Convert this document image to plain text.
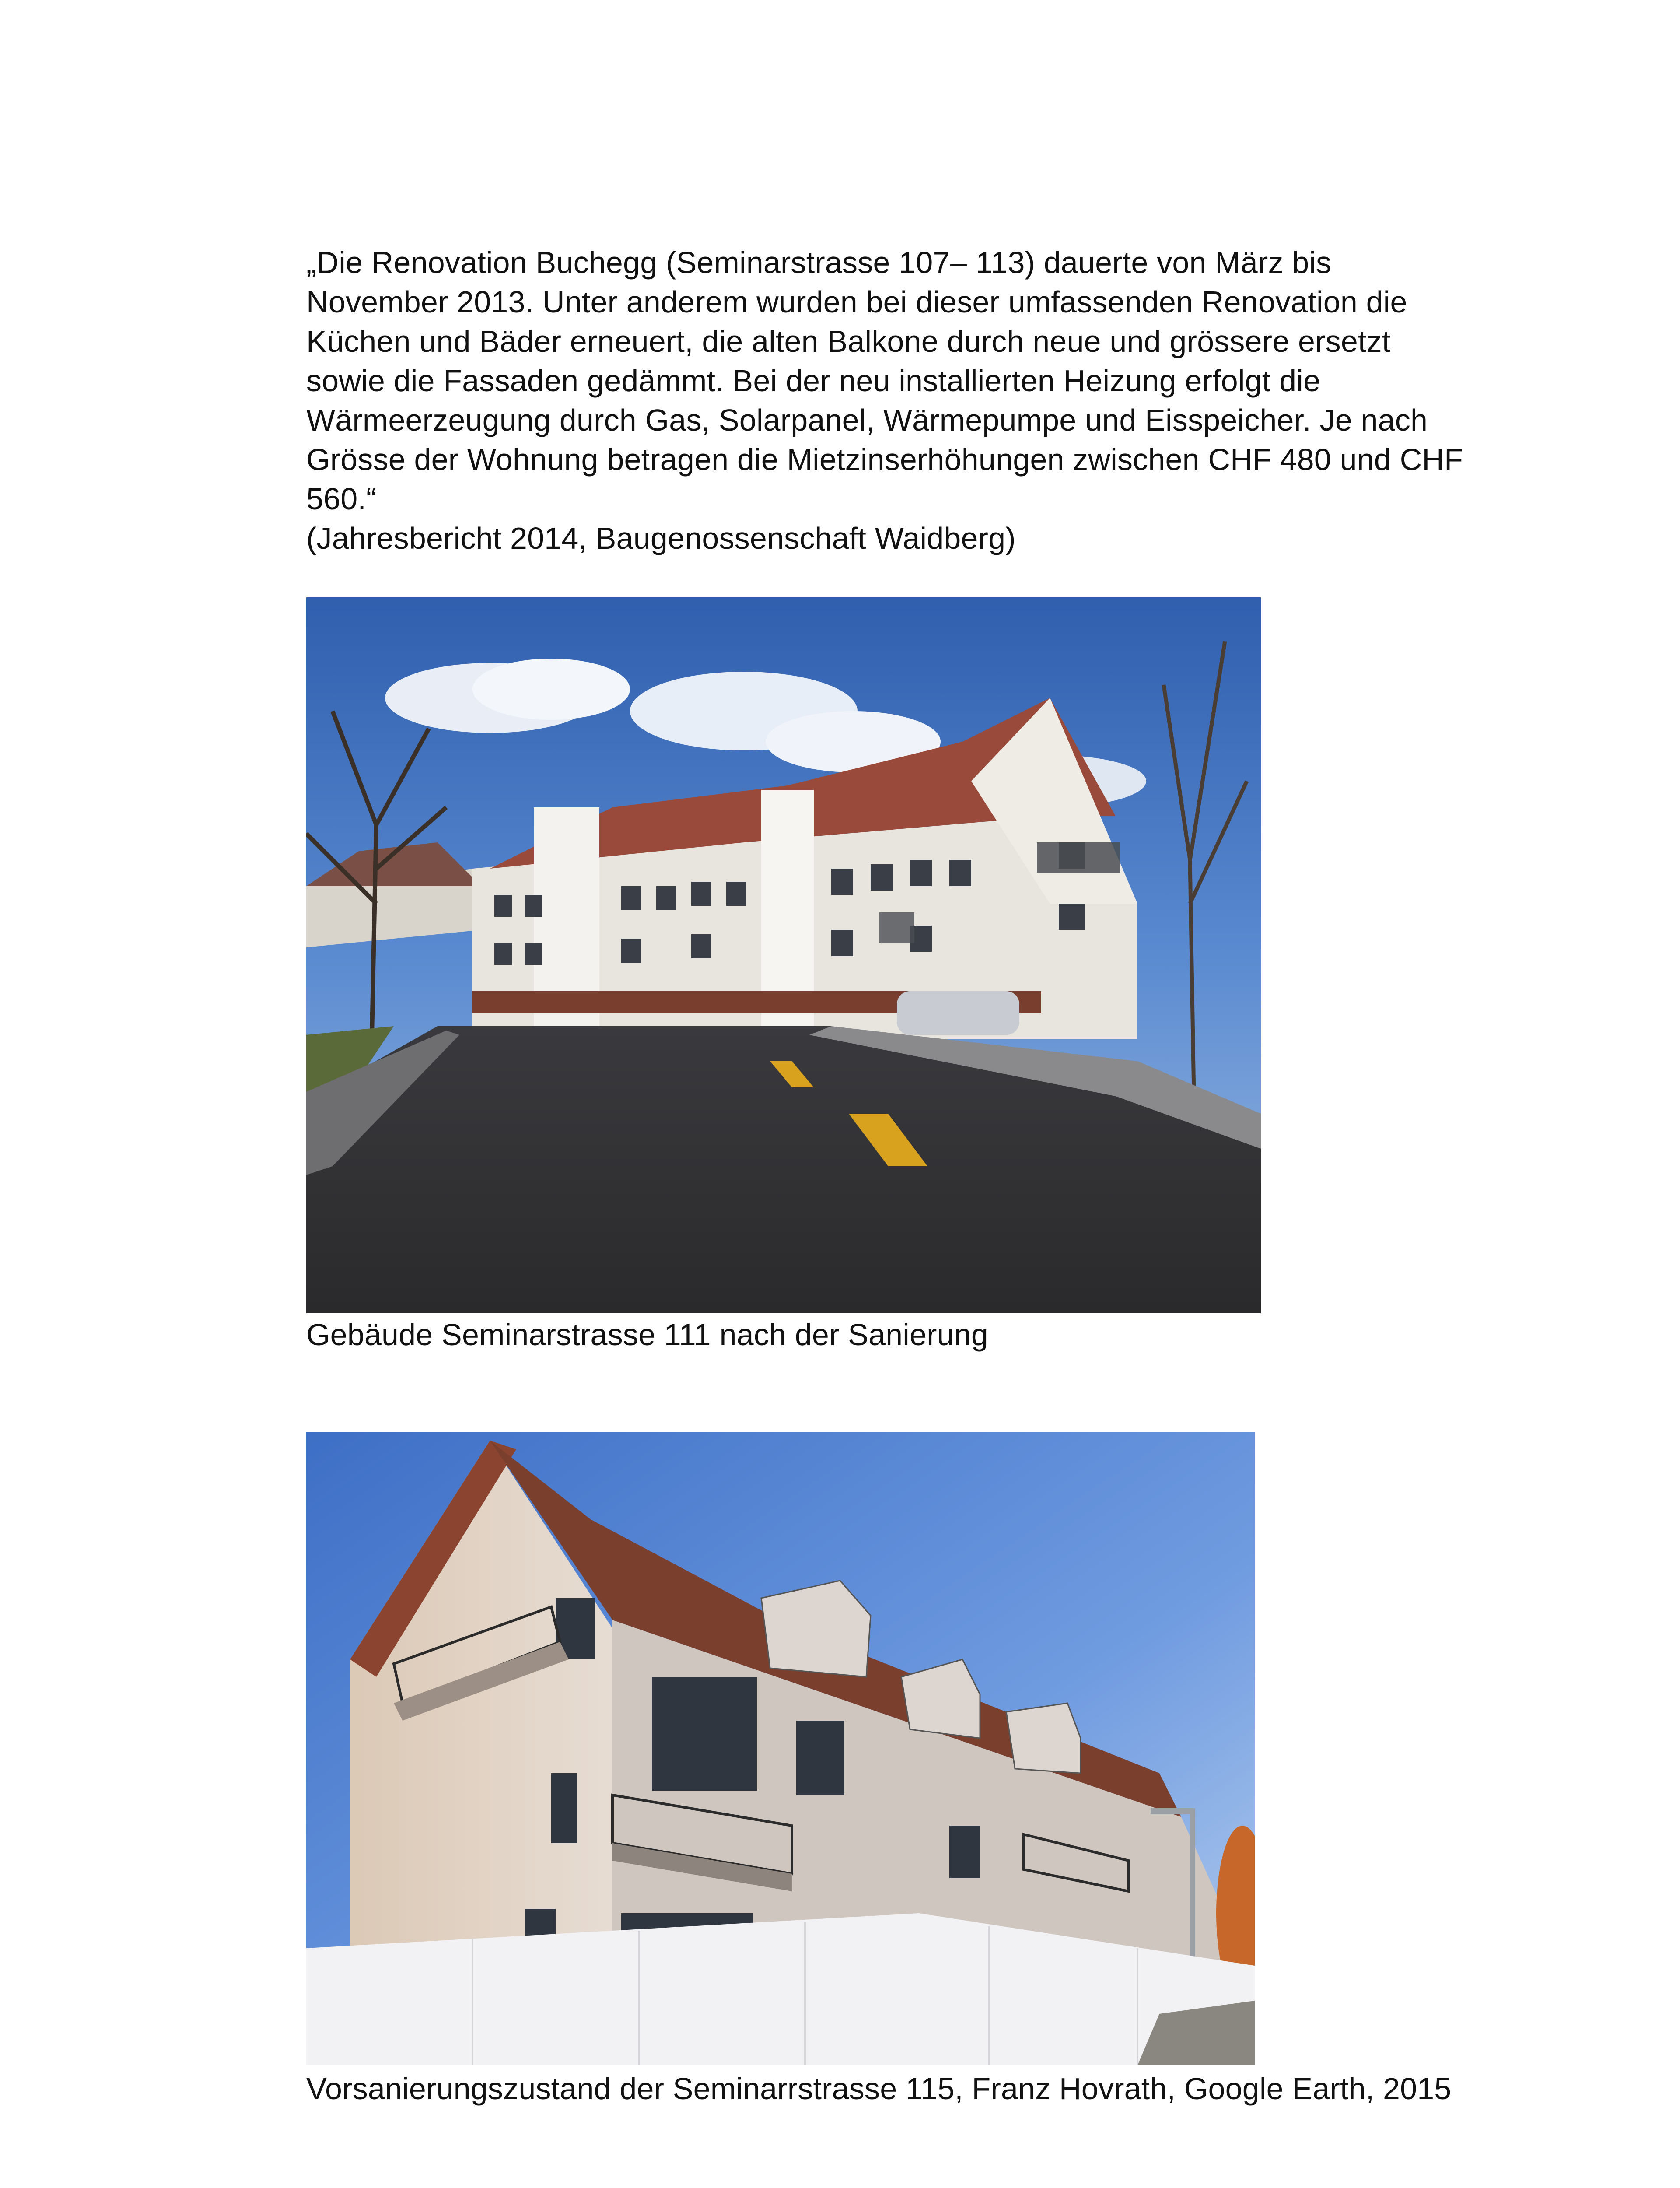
„Die Renovation Buchegg (Seminarstrasse 107– 113) dauerte von März bis
November 2013. Unter anderem wurden bei dieser umfassenden Renovation die
Küchen und Bäder erneuert, die alten Balkone durch neue und grössere ersetzt
sowie die Fassaden gedämmt. Bei der neu installierten Heizung erfolgt die
Wärmeerzeugung durch Gas, Solarpanel, Wärmepumpe und Eisspeicher. Je nach
Grösse der Wohnung betragen die Mietzinserhöhungen zwischen CHF 480 und CHF
560.“
(Jahresbericht 2014, Baugenossenschaft Waidberg)
Gebäude Seminarstrasse 111 nach der Sanierung
Vorsanierungszustand der Seminarrstrasse 115, Franz Hovrath, Google Earth, 2015
